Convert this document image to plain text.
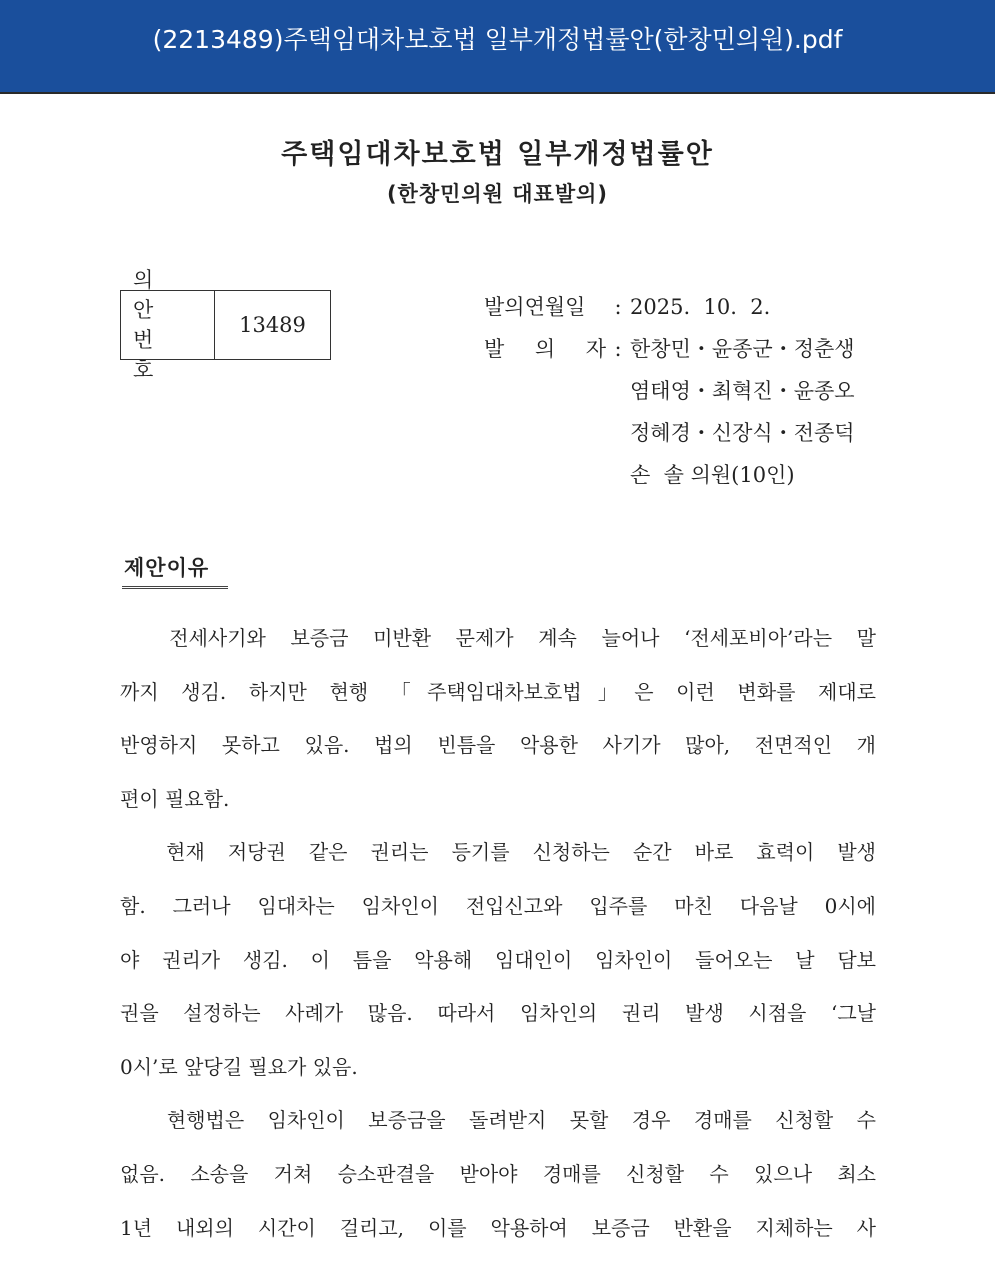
(2213489)주택임대차보호법 일부개정법률안(한창민의원).pdf
주택임대차보호법 일부개정법률안
(한창민의원 대표발의)
의 안
번 호
13489
발의연월일	: 2025.  10.  2.
발 의 자 : 한창민・윤종군・정춘생
염태영・최혁진・윤종오
정혜경・신장식・전종덕
손  솔 의원(10인)
제안이유

전세사기와 보증금 미반환 문제가 계속 늘어나 ‘전세포비아’라는 말
까지 생김. 하지만 현행 「주택임대차보호법」은 이런 변화를 제대로
반영하지 못하고 있음. 법의 빈틈을 악용한 사기가 많아, 전면적인 개
편이 필요함.

현재 저당권 같은 권리는 등기를 신청하는 순간 바로 효력이 발생
함. 그러나 임대차는 임차인이 전입신고와 입주를 마친 다음날 0시에
야 권리가 생김. 이 틈을 악용해 임대인이 임차인이 들어오는 날 담보
권을 설정하는 사례가 많음. 따라서 임차인의 권리 발생 시점을 ‘그날
0시’로 앞당길 필요가 있음.

현행법은 임차인이 보증금을 돌려받지 못할 경우 경매를 신청할 수
없음. 소송을 거쳐 승소판결을 받아야 경매를 신청할 수 있으나 최소
1년 내외의 시간이 걸리고, 이를 악용하여 보증금 반환을 지체하는 사
